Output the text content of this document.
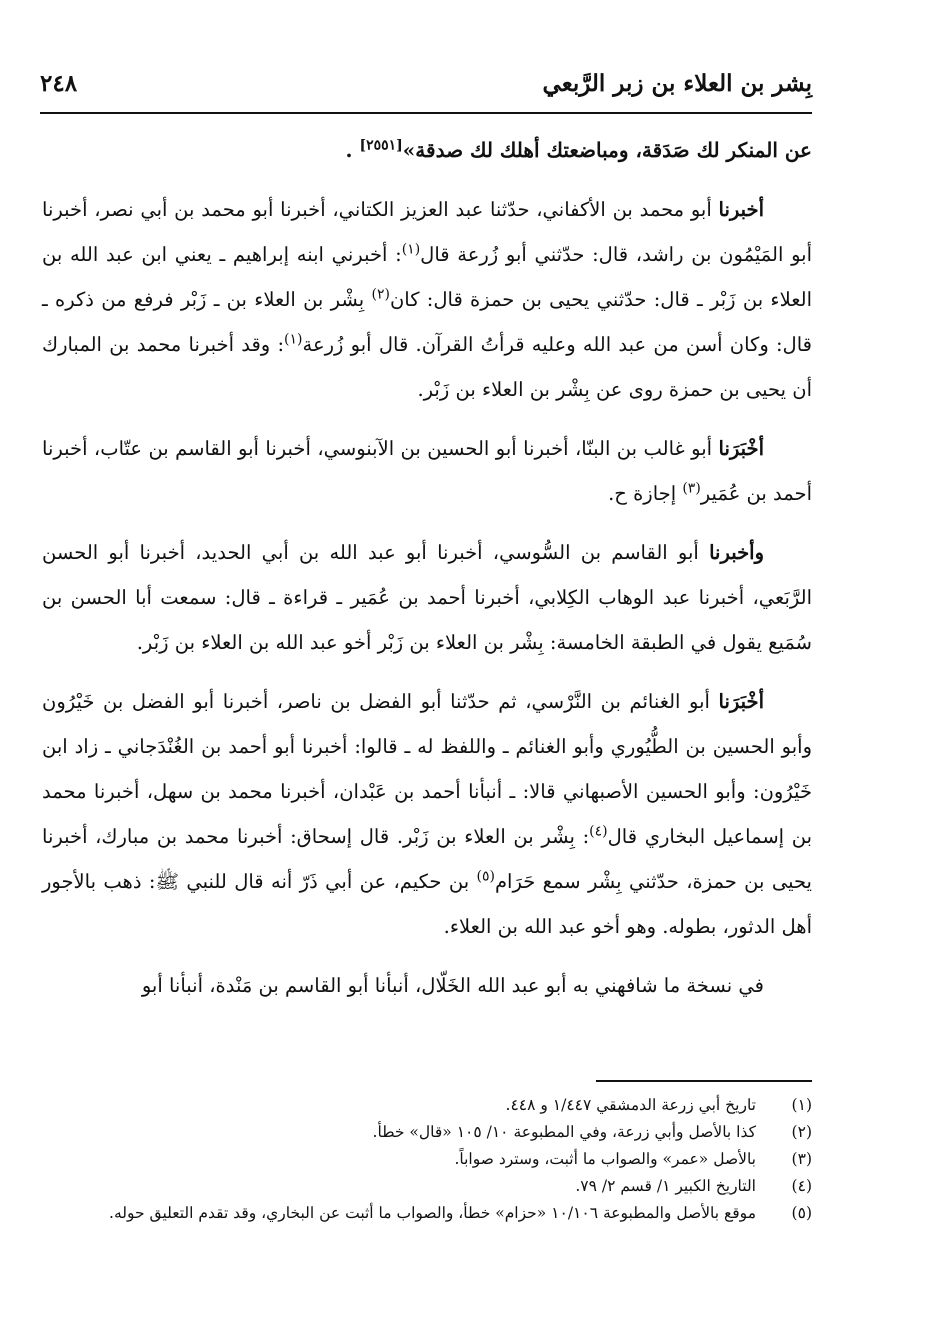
بِشر بن العلاء بن زبر الرَّبعي
٢٤٨

عن المنكر لك صَدَقة، ومباضعتك أهلك لك صدقة»[٢٥٥١] .

أخبرنا أبو محمد بن الأكفاني، حدّثنا عبد العزيز الكتاني، أخبرنا أبو محمد بن أبي نصر، أخبرنا أبو المَيْمُون بن راشد، قال: حدّثني أبو زُرعة قال$^{(١)}$: أخبرني ابنه إبراهيم ـ يعني ابن عبد الله بن العلاء بن زَبْر ـ قال: حدّثني يحيى بن حمزة قال: كان$^{(٢)}$ بِشْر بن العلاء بن ـ زَبْر فرفع من ذكره ـ قال: وكان أسن من عبد الله وعليه قرأتُ القرآن. قال أبو زُرعة$^{(١)}$: وقد أخبرنا محمد بن المبارك أن يحيى بن حمزة روى عن بِشْر بن العلاء بن زَبْر.

أخْبَرَنا أبو غالب بن البنّا، أخبرنا أبو الحسين بن الآبنوسي، أخبرنا أبو القاسم بن عتّاب، أخبرنا أحمد بن عُمَير$^{(٣)}$ إجازة ح.

وأخبرنا أبو القاسم بن السُّوسي، أخبرنا أبو عبد الله بن أبي الحديد، أخبرنا أبو الحسن الرَّبَعي، أخبرنا عبد الوهاب الكِلابي، أخبرنا أحمد بن عُمَير ـ قراءة ـ قال: سمعت أبا الحسن بن سُمَيع يقول في الطبقة الخامسة: بِشْر بن العلاء بن زَبْر أخو عبد الله بن العلاء بن زَبْر.

أخْبَرَنا أبو الغنائم بن النَّرْسي، ثم حدّثنا أبو الفضل بن ناصر، أخبرنا أبو الفضل بن خَيْرُون وأبو الحسين بن الطُّيُوري وأبو الغنائم ـ واللفظ له ـ قالوا: أخبرنا أبو أحمد بن الغُنْدَجاني ـ زاد ابن خَيْرُون: وأبو الحسين الأصبهاني قالا: ـ أنبأنا أحمد بن عَبْدان، أخبرنا محمد بن سهل، أخبرنا محمد بن إسماعيل البخاري قال$^{(٤)}$: بِشْر بن العلاء بن زَبْر. قال إسحاق: أخبرنا محمد بن مبارك، أخبرنا يحيى بن حمزة، حدّثني بِشْر سمع حَرَام$^{(٥)}$ بن حكيم، عن أبي ذَرّ أنه قال للنبي ﷺ: ذهب بالأجور أهل الدثور، بطوله. وهو أخو عبد الله بن العلاء.

في نسخة ما شافهني به أبو عبد الله الخَلّال، أنبأنا أبو القاسم بن مَنْدة، أنبأنا أبو

(١)
تاريخ أبي زرعة الدمشقي ١/٤٤٧ و ٤٤٨.
(٢)
كذا بالأصل وأبي زرعة، وفي المطبوعة ١٠/ ١٠٥ «قال» خطأ.
(٣)
بالأصل «عمر» والصواب ما أثبت، وسترد صواباً.
(٤)
التاريخ الكبير ١/ قسم ٢/ ٧٩.
(٥)
موقع بالأصل والمطبوعة ١٠/١٠٦ «حزام» خطأ، والصواب ما أثبت عن البخاري، وقد تقدم التعليق حوله.
